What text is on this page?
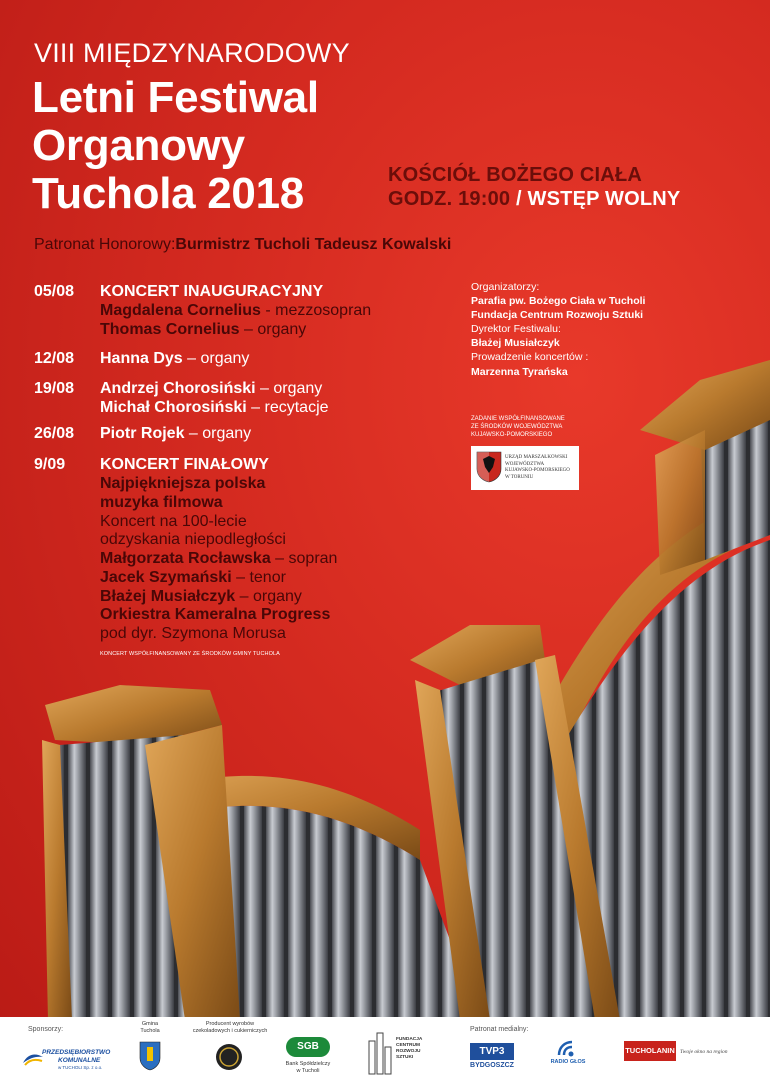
VIII MIĘDZYNARODOWY
Letni Festiwal
Organowy
Tuchola 2018	KOŚCIÓŁ BOŻEGO CIAŁA
GODZ. 19:00 / WSTĘP WOLNY
Patronat Honorowy:Burmistrz Tucholi Tadeusz Kowalski
05/08 KONCERT INAUGURACYJNY
Magdalena Cornelius - mezzosopran
Thomas Cornelius – organy
12/08 Hanna Dys – organy
19/08 Andrzej Chorosiński – organy
Michał Chorosiński – recytacje
26/08 Piotr Rojek – organy
9/09 KONCERT FINAŁOWY
Najpiękniejsza polska
muzyka filmowa
Koncert na 100-lecie
odzyskania niepodległości
Małgorzata Rocławska – sopran
Jacek Szymański – tenor
Błażej Musiałczyk – organy
Orkiestra Kameralna Progress
pod dyr. Szymona Morusa
KONCERT WSPÓŁFINANSOWANY ZE ŚRODKÓW GMINY TUCHOLA
Organizatorzy:
Parafia pw. Bożego Ciała w Tucholi
Fundacja Centrum Rozwoju Sztuki
Dyrektor Festiwalu:
Błażej Musiałczyk
Prowadzenie koncertów :
Marzenna Tyrańska
ZADANIE WSPÓŁFINANSOWANE
ZE ŚRODKÓW WOJEWÓDZTWA
KUJAWSKO-POMORSKIEGO
URZĄD MARSZAŁKOWSKI
WOJEWÓDZTWA
KUJAWSKO-POMORSKIEGO
W TORUNIU
Sponsorzy:
PRZEDSIĘBIORSTWO
KOMUNALNE
w TUCHOLI Sp. z o.o.
Gmina
Tuchola
Producent wyrobów
czekoladowych i cukierniczych
SGB
Bank Spółdzielczy
w Tucholi
FUNDACJA
CENTRUM
ROZWOJU
SZTUKI
Patronat medialny:
TVP3
BYDGOSZCZ	RADIO GŁOS
TUCHOLANIN Twoje okno na region
